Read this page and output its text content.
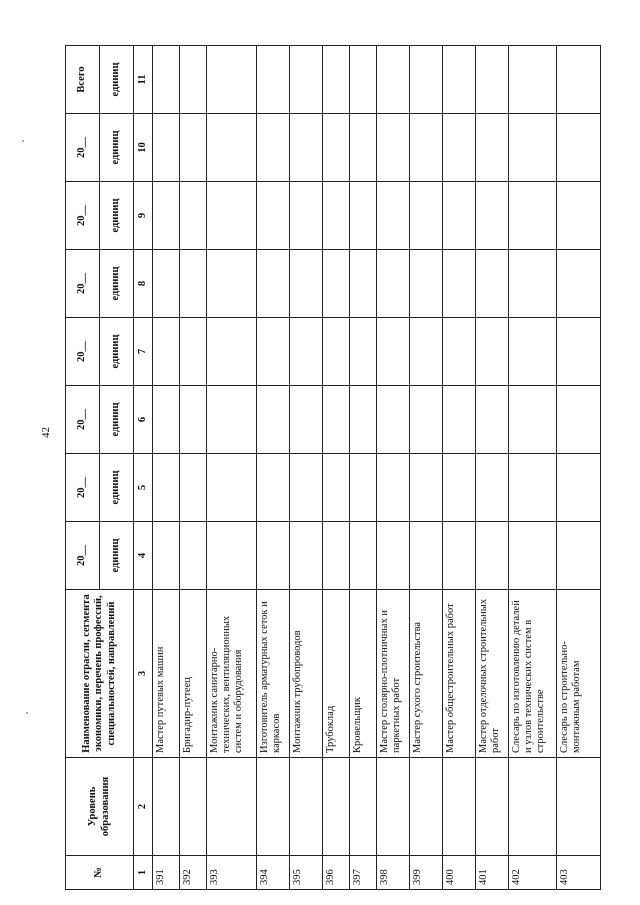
42
№	Уровень образования	Наименование отрасли, сегмента экономики, перечень профессий, специальностей, направлений	20__	20__	20__	20__	20__	20__	20__	Всего
			единиц	единиц	единиц	единиц	единиц	единиц	единиц	единиц
1	2	3	4	5	6	7	8	9	10	11
391		Мастер путевых машин								
392		Бригадир-путеец								
393		Монтажник санитарно-технических, вентиляционных систем и оборудования								
394		Изготовитель арматурных сеток и каркасов								
395		Монтажник трубопроводов								
396		Трубоклад								
397		Кровельщик								
398		Мастер столярно-плотничных и паркетных работ								
399		Мастер сухого строительства								
400		Мастер общестроительных работ								
401		Мастер отделочных строительных работ								
402		Слесарь по изготовлению деталей и узлов технических систем в строительстве								
403		Слесарь по строительно-монтажным работам								
